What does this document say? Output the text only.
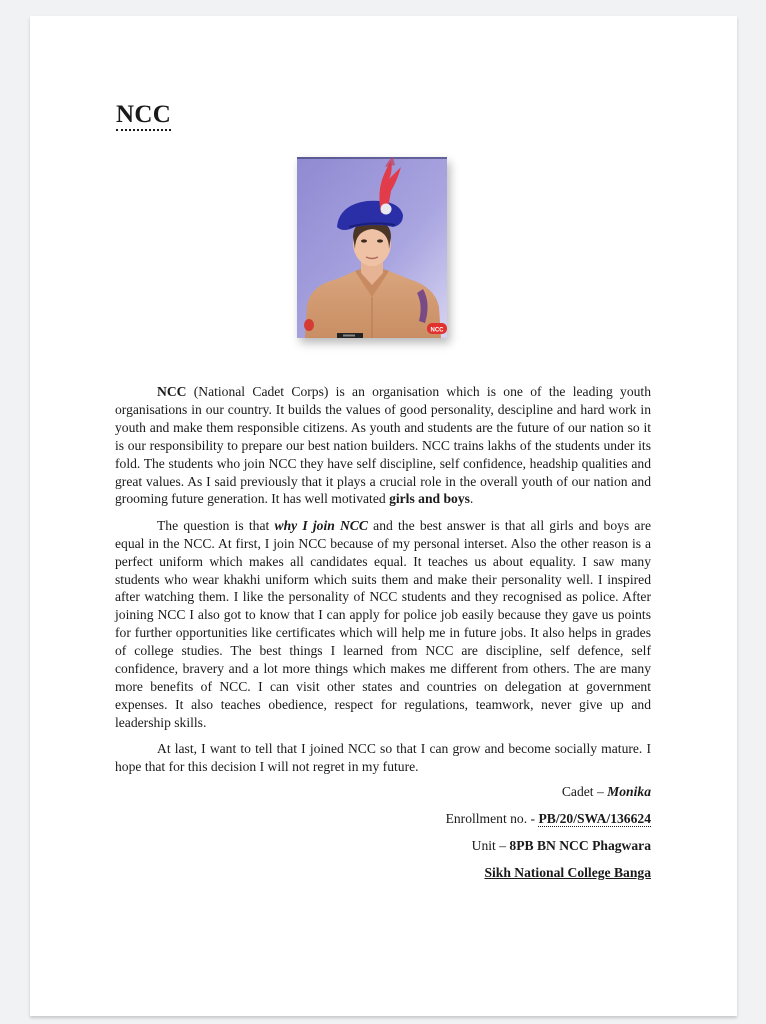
NCC
NCC

NCC (National Cadet Corps) is an organisation which is one of the leading youth organisations in our country. It builds the values of good personality, descipline and hard work in youth and make them responsible citizens. As youth and students are the future of our nation so it is our responsibility to prepare our best nation builders. NCC trains lakhs of the students under its fold. The students who join NCC they have self discipline, self confidence, headship qualities and great values. As I said previously that it plays a crucial role in the overall youth of our nation and grooming future generation. It has well motivated girls and boys.

The question is that why I join NCC and the best answer is that all girls and boys are equal in the NCC. At first, I join NCC because of my personal interset. Also the other reason is a perfect uniform which makes all candidates equal. It teaches us about equality. I saw many students who wear khakhi uniform which suits them and make their personality well. I inspired after watching them. I like the personality of NCC students and they recognised as police. After joining NCC I also got to know that I can apply for police job easily because they gave us points for further opportunities like certificates which will help me in future jobs. It also helps in grades of college studies. The best things I learned from NCC are discipline, self defence, self confidence, bravery and a lot more things which makes me different from others. The are many more benefits of NCC. I can visit other states and countries on delegation at government expenses. It also teaches obedience, respect for regulations, teamwork, never give up and leadership skills.

At last, I want to tell that I joined NCC so that I can grow and become socially mature. I hope that for this decision I will not regret in my future.

Cadet – Monika
Enrollment no. - PB/20/SWA/136624
Unit – 8PB BN NCC Phagwara
Sikh National College Banga
